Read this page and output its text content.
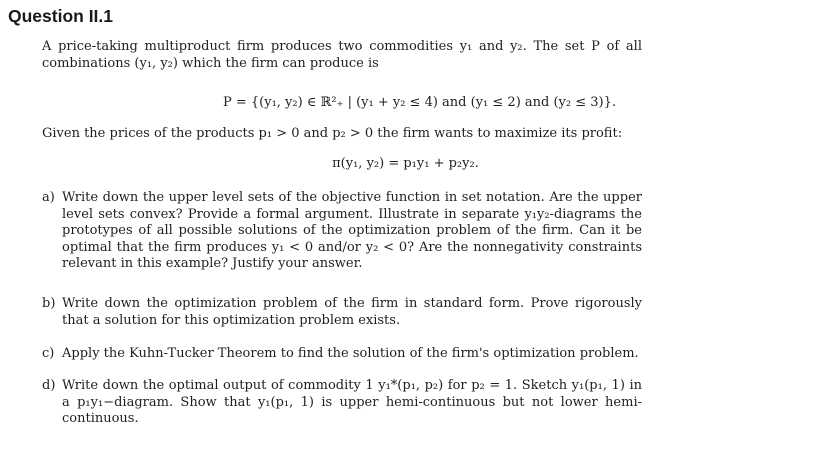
Question II.1
A price-taking multiproduct firm produces two commodities y₁ and y₂. The set P of all combinations (y₁, y₂) which the firm can produce is
P = {(y₁, y₂) ∈ ℝ²₊ | (y₁ + y₂ ≤ 4) and (y₁ ≤ 2) and (y₂ ≤ 3)}.
Given the prices of the products p₁ > 0 and p₂ > 0 the firm wants to maximize its profit:
π(y₁, y₂) = p₁y₁ + p₂y₂.
a) Write down the upper level sets of the objective function in set notation. Are the upper level sets convex? Provide a formal argument. Illustrate in separate y₁y₂-diagrams the prototypes of all possible solutions of the optimization problem of the firm. Can it be optimal that the firm produces y₁ < 0 and/or y₂ < 0? Are the nonnegativity constraints relevant in this example? Justify your answer.
b) Write down the optimization problem of the firm in standard form. Prove rigorously that a solution for this optimization problem exists.
c) Apply the Kuhn-Tucker Theorem to find the solution of the firm's optimization problem.
d) Write down the optimal output of commodity 1 y₁*(p₁, p₂) for p₂ = 1. Sketch y₁(p₁, 1) in a p₁y₁−diagram. Show that y₁(p₁, 1) is upper hemi-continuous but not lower hemi-continuous.
